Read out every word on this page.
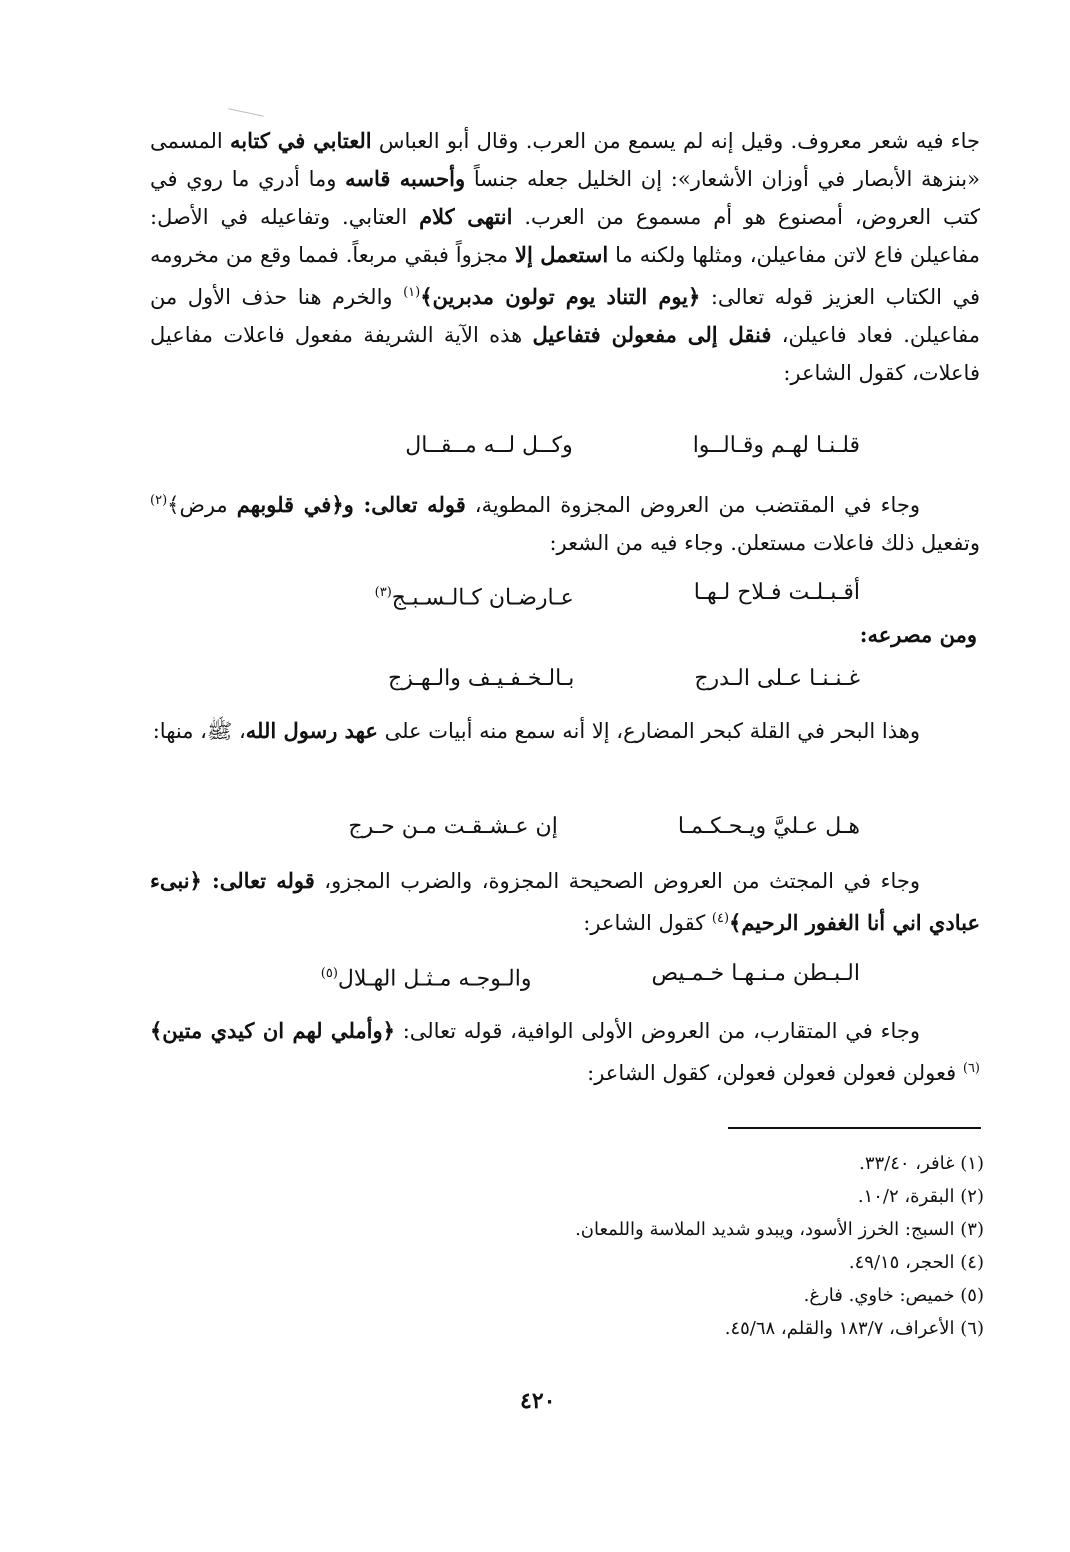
جاء فيه شعر معروف. وقيل إنه لم يسمع من العرب. وقال أبو العباس العتابي في كتابه المسمى «بنزهة الأبصار في أوزان الأشعار»: إن الخليل جعله جنساً وأحسبه قاسه وما أدري ما روي في كتب العروض، أمصنوع هو أم مسموع من العرب. انتهى كلام العتابي. وتفاعيله في الأصل: مفاعيلن فاع لاتن مفاعيلن، ومثلها ولكنه ما استعمل إلا مجزواً فبقي مربعاً. فمما وقع من مخرومه في الكتاب العزيز قوله تعالى: ﴿يوم التناد يوم تولون مدبرين﴾$^{(١)}$ والخرم هنا حذف الأول من مفاعيلن. فعاد فاعيلن، فنقل إلى مفعولن فتفاعيل هذه الآية الشريفة مفعول فاعلات مفاعيل فاعلات، كقول الشاعر:

قلـنـا لهـم وقـالــوا
وكــل لــه مــقــال

وجاء في المقتضب من العروض المجزوة المطوية، قوله تعالى: و﴿في قلوبهم مرض﴾$^{(٢)}$ وتفعيل ذلك فاعلات مستعلن. وجاء فيه من الشعر:

أقـبـلـت فـلاح لـهـا
عـارضـان كـالـسـبـج$^{(٣)}$
ومن مصرعه:
غـنـنـا عـلى الـدرج
بـالـخـفـيـف والـهـزج

وهذا البحر في القلة كبحر المضارع، إلا أنه سمع منه أبيات على عهد رسول الله، ﷺ، منها:

هـل عـليَّ ويـحـكـمـا
إن عـشـقـت مـن حـرج

وجاء في المجتث من العروض الصحيحة المجزوة، والضرب المجزو، قوله تعالى: ﴿نبىء عبادي اني أنا الغفور الرحيم﴾$^{(٤)}$ كقول الشاعر:

الـبـطن مـنـهـا خـمـيص
والـوجـه مـثـل الهـلال$^{(٥)}$

وجاء في المتقارب، من العروض الأولى الوافية، قوله تعالى: ﴿وأملي لهم ان كيدي متين﴾$^{(٦)}$ فعولن فعولن فعولن فعولن، كقول الشاعر:

(١) غافر، ٣٣/٤٠.
(٢) البقرة، ١٠/٢.
(٣) السبج: الخرز الأسود، ويبدو شديد الملاسة واللمعان.
(٤) الحجر، ٤٩/١٥.
(٥) خميص: خاوي. فارغ.
(٦) الأعراف، ١٨٣/٧ والقلم، ٤٥/٦٨.
٤٢٠
